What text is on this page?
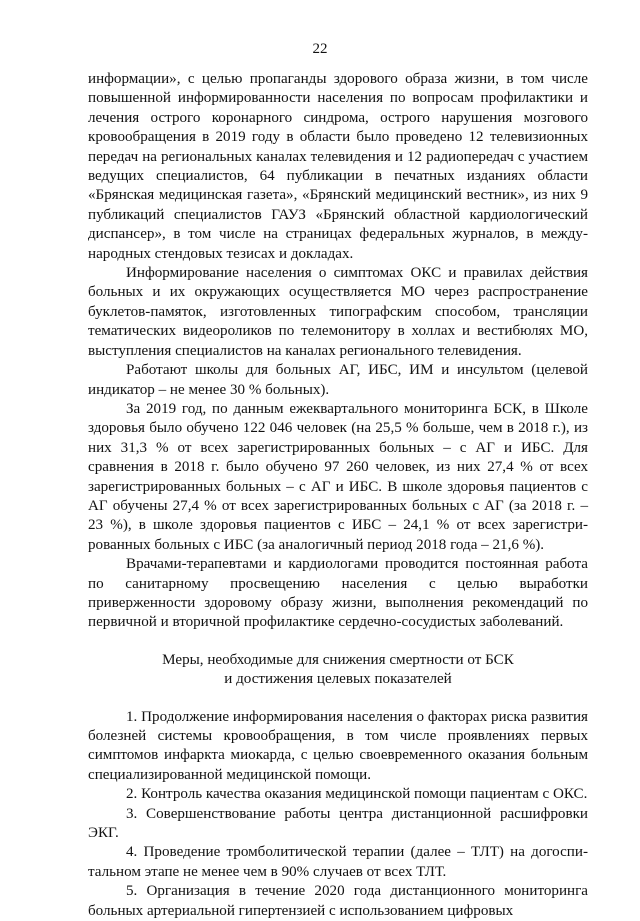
22

информации», с целью пропаганды здорового образа жизни, в том числе повышенной информированности населения по вопросам профилактики и лечения острого коронарного синдрома, острого нарушения мозгового кровообращения в 2019 году в области было проведено 12 телевизионных передач на региональных каналах телевидения и 12 радиопередач с участием ведущих специалистов, 64 публикации в печатных изданиях области «Брянская медицинская газета», «Брянский медицинский вестник», из них 9 публикаций специалистов ГАУЗ «Брянский областной кардиологический диспансер», в том числе на страницах федеральных журналов, в между-народных стендовых тезисах и докладах.

Информирование населения о симптомах ОКС и правилах действия больных и их окружающих осуществляется МО через распространение буклетов-памяток, изготовленных типографским способом, трансляции тематических видеороликов по телемонитору в холлах и вестибюлях МО, выступления специалистов на каналах регионального телевидения.

Работают школы для больных АГ, ИБС, ИМ и инсультом (целевой индикатор – не менее 30 % больных).

За 2019 год, по данным ежеквартального мониторинга БСК, в Школе здоровья было обучено 122 046 человек (на 25,5 % больше, чем в 2018 г.), из них 31,3 % от всех зарегистрированных больных – с АГ и ИБС. Для сравнения в 2018 г. было обучено 97 260 человек, из них 27,4 % от всех зарегистрированных больных – с АГ и ИБС. В школе здоровья пациентов с АГ обучены 27,4 % от всех зарегистрированных больных с АГ (за 2018 г. – 23 %), в школе здоровья пациентов с ИБС – 24,1 % от всех зарегистри-рованных больных с ИБС (за аналогичный период 2018 года – 21,6 %).

Врачами-терапевтами и кардиологами проводится постоянная работа по санитарному просвещению населения с целью выработки приверженности здоровому образу жизни, выполнения рекомендаций по первичной и вторичной профилактике сердечно-сосудистых заболеваний.

Меры, необходимые для снижения смертности от БСК

и достижения целевых показателей

1. Продолжение информирования населения о факторах риска развития болезней системы кровообращения, в том числе проявлениях первых симптомов инфаркта миокарда, с целью своевременного оказания больным специализированной медицинской помощи.

2. Контроль качества оказания медицинской помощи пациентам с ОКС.

3. Совершенствование работы центра дистанционной расшифровки ЭКГ.

4. Проведение тромболитической терапии (далее – ТЛТ) на догоспи-тальном этапе не менее чем в 90% случаев от всех ТЛТ.

5. Организация в течение 2020 года дистанционного мониторинга больных артериальной гипертензией с использованием цифровых
